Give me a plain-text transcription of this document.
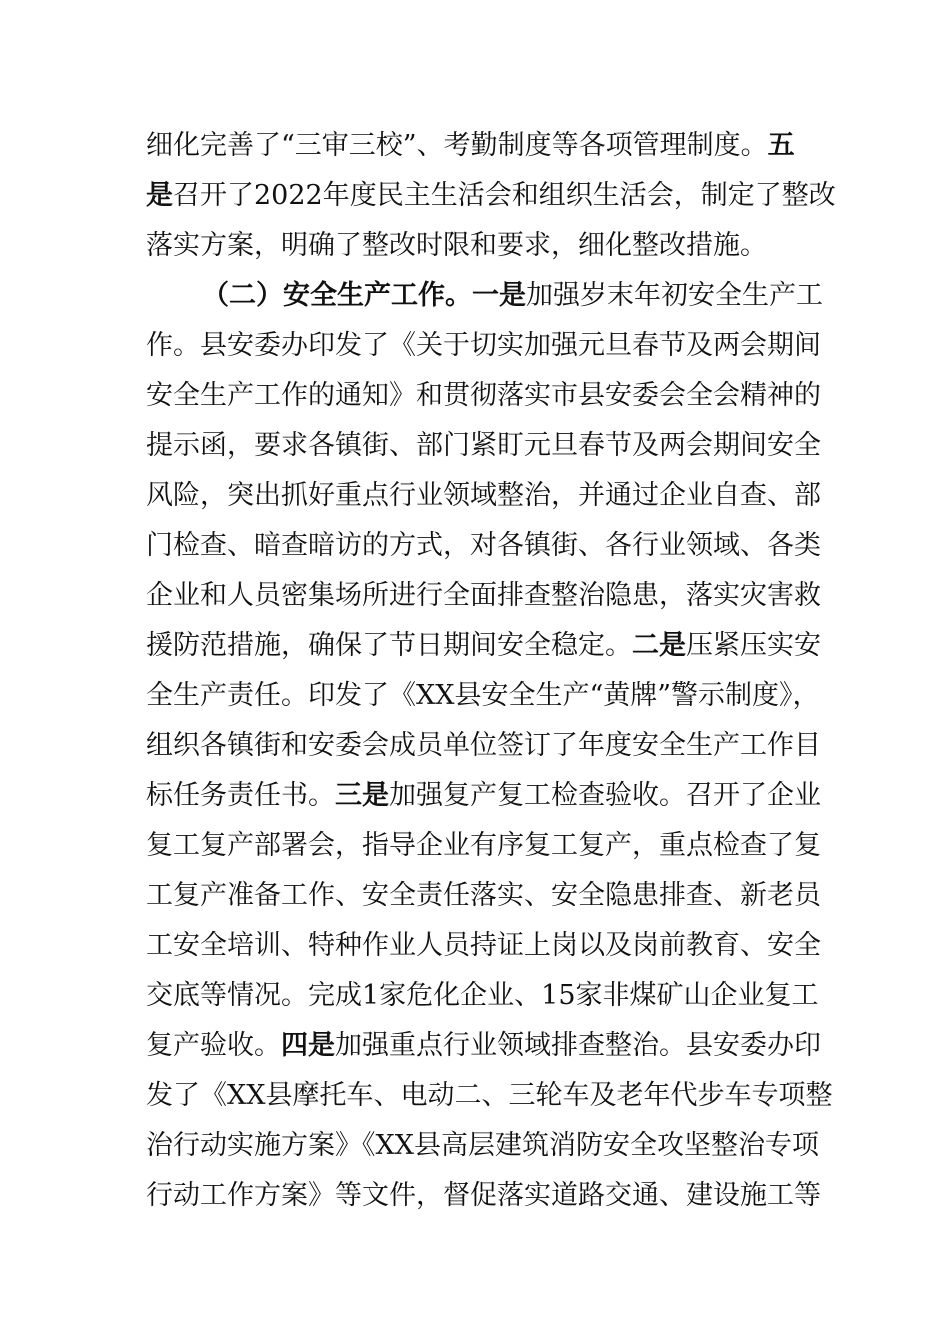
细化完善了“三审三校”、考勤制度等各项管理制度。五
是召开了2022年度民主生活会和组织生活会，制定了整改
落实方案，明确了整改时限和要求，细化整改措施。
（二）安全生产工作。一是加强岁末年初安全生产工
作。县安委办印发了《关于切实加强元旦春节及两会期间
安全生产工作的通知》和贯彻落实市县安委会全会精神的
提示函，要求各镇街、部门紧盯元旦春节及两会期间安全
风险，突出抓好重点行业领域整治，并通过企业自查、部
门检查、暗查暗访的方式，对各镇街、各行业领域、各类
企业和人员密集场所进行全面排查整治隐患，落实灾害救
援防范措施，确保了节日期间安全稳定。二是压紧压实安
全生产责任。印发了《XX县安全生产“黄牌”警示制度》，
组织各镇街和安委会成员单位签订了年度安全生产工作目
标任务责任书。三是加强复产复工检查验收。召开了企业
复工复产部署会，指导企业有序复工复产，重点检查了复
工复产准备工作、安全责任落实、安全隐患排查、新老员
工安全培训、特种作业人员持证上岗以及岗前教育、安全
交底等情况。完成1家危化企业、15家非煤矿山企业复工
复产验收。四是加强重点行业领域排查整治。县安委办印
发了《XX县摩托车、电动二、三轮车及老年代步车专项整
治行动实施方案》《XX县高层建筑消防安全攻坚整治专项
行动工作方案》等文件，督促落实道路交通、建设施工等
